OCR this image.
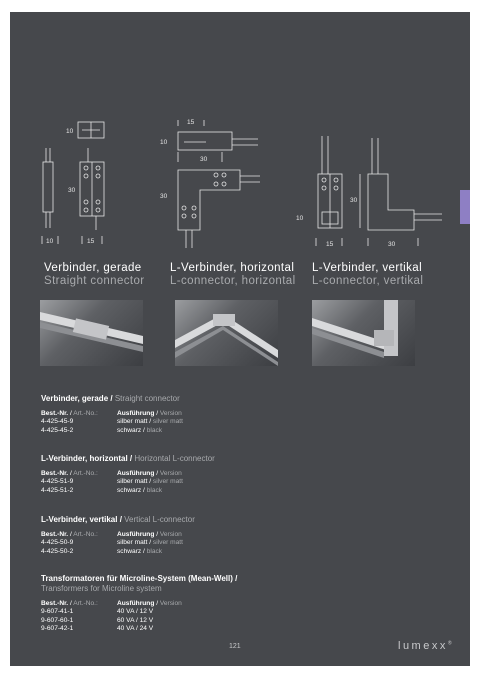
10
30
10	15
15
10
30
30
30
10
15	30
Verbinder, gerade
Straight connector
L-Verbinder, horizontal
L-connector, horizontal
L-Verbinder, vertikal
L-connector, vertikal
Verbinder, gerade / Straight connector
Best.-Nr. / Art.-No.:	Ausführung / Version
4-425-45-9	silber matt / silver matt
4-425-45-2	schwarz / black
L-Verbinder, horizontal / Horizontal L-connector
Best.-Nr. / Art.-No.:	Ausführung / Version
4-425-51-9	silber matt / silver matt
4-425-51-2	schwarz / black
L-Verbinder, vertikal / Vertical L-connector
Best.-Nr. / Art.-No.:	Ausführung / Version
4-425-50-9	silber matt / silver matt
4-425-50-2	schwarz / black
Transformatoren für Microline-System (Mean-Well) /
Transformers for Microline system
Best.-Nr. / Art.-No.:	Ausführung / Version
9-607-41-1	40 VA / 12 V
9-607-60-1	60 VA / 12 V
9-607-42-1	40 VA / 24 V
121	lumexx®
